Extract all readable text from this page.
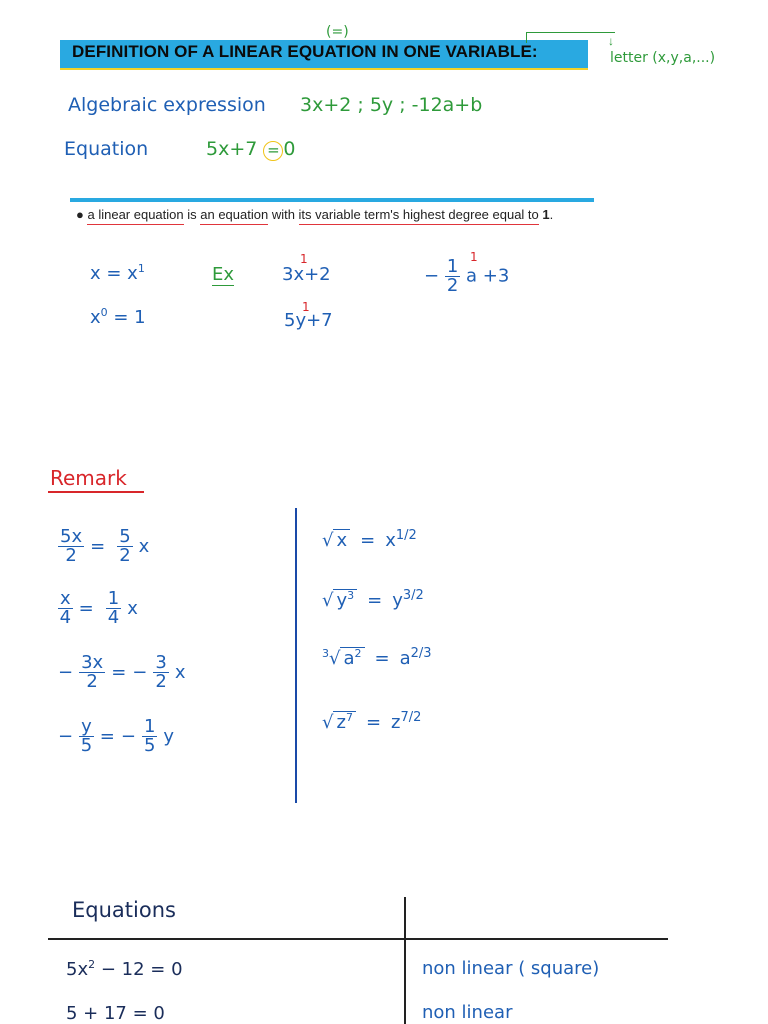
DEFINITION OF A LINEAR EQUATION IN ONE VARIABLE:
(=)
↓
letter (x,y,a,...)
Algebraic expression 3x+2 ; 5y ; -12a+b
Equation	5x+7 = 0
● a linear equation is an equation with its variable term's highest degree equal to 1.
$x = x^1$
$x^0 = 1$
Ex
1
3x+2
1
5y+7
1
− $\frac{1}{2}$ a +3
Remark
$\frac{5x}{2} = \frac{5}{2}$ x
$\frac{x}{4} = \frac{1}{4}$ x
− $\frac{3x}{2}$ = − $\frac{3}{2}$ x
− $\frac{y}{5}$ = − $\frac{1}{5}$ y
√ $x = x^{1/2}$
√ $y^3 = y^{3/2}$
$^3$√ $a^2 = a^{2/3}$
√ $z^7 = z^{7/2}$
Equations
$5x^2 - 12 = 0$	non linear ( square)
5 + 17 = 0	non linear
